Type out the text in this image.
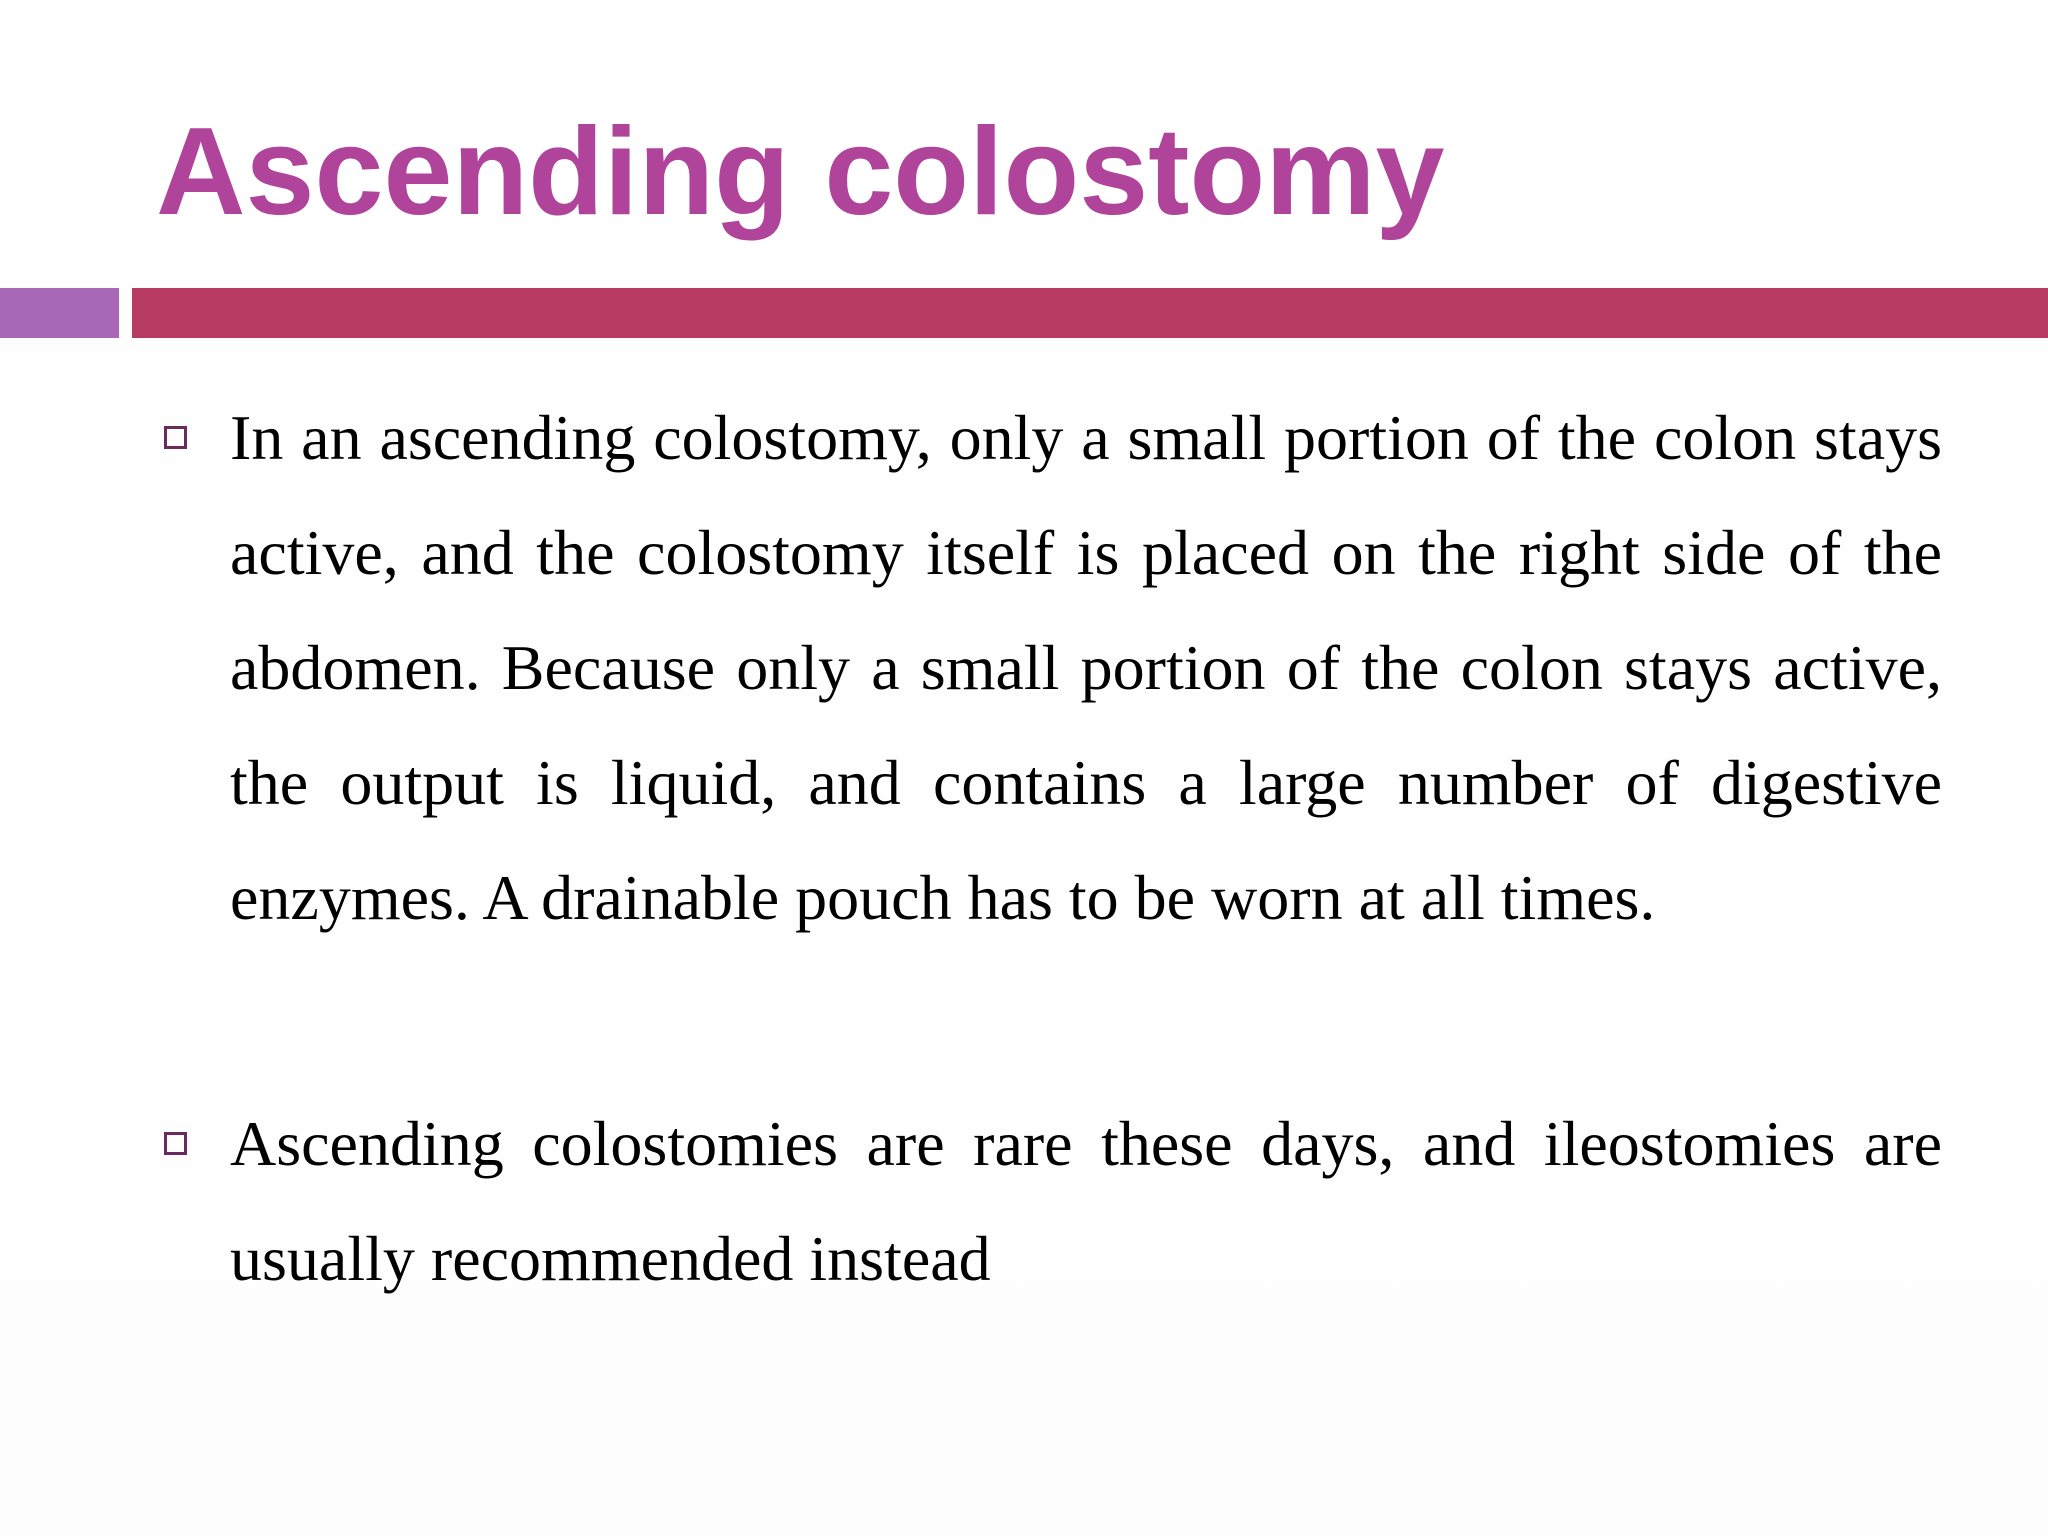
Ascending colostomy

In an ascending colostomy, only a small portion of the colon stays active, and the colostomy itself is placed on the right side of the abdomen. Because only a small portion of the colon stays active, the output is liquid, and contains a large number of digestive enzymes. A drainable pouch has to be worn at all times.

Ascending colostomies are rare these days, and ileostomies are usually recommended instead
